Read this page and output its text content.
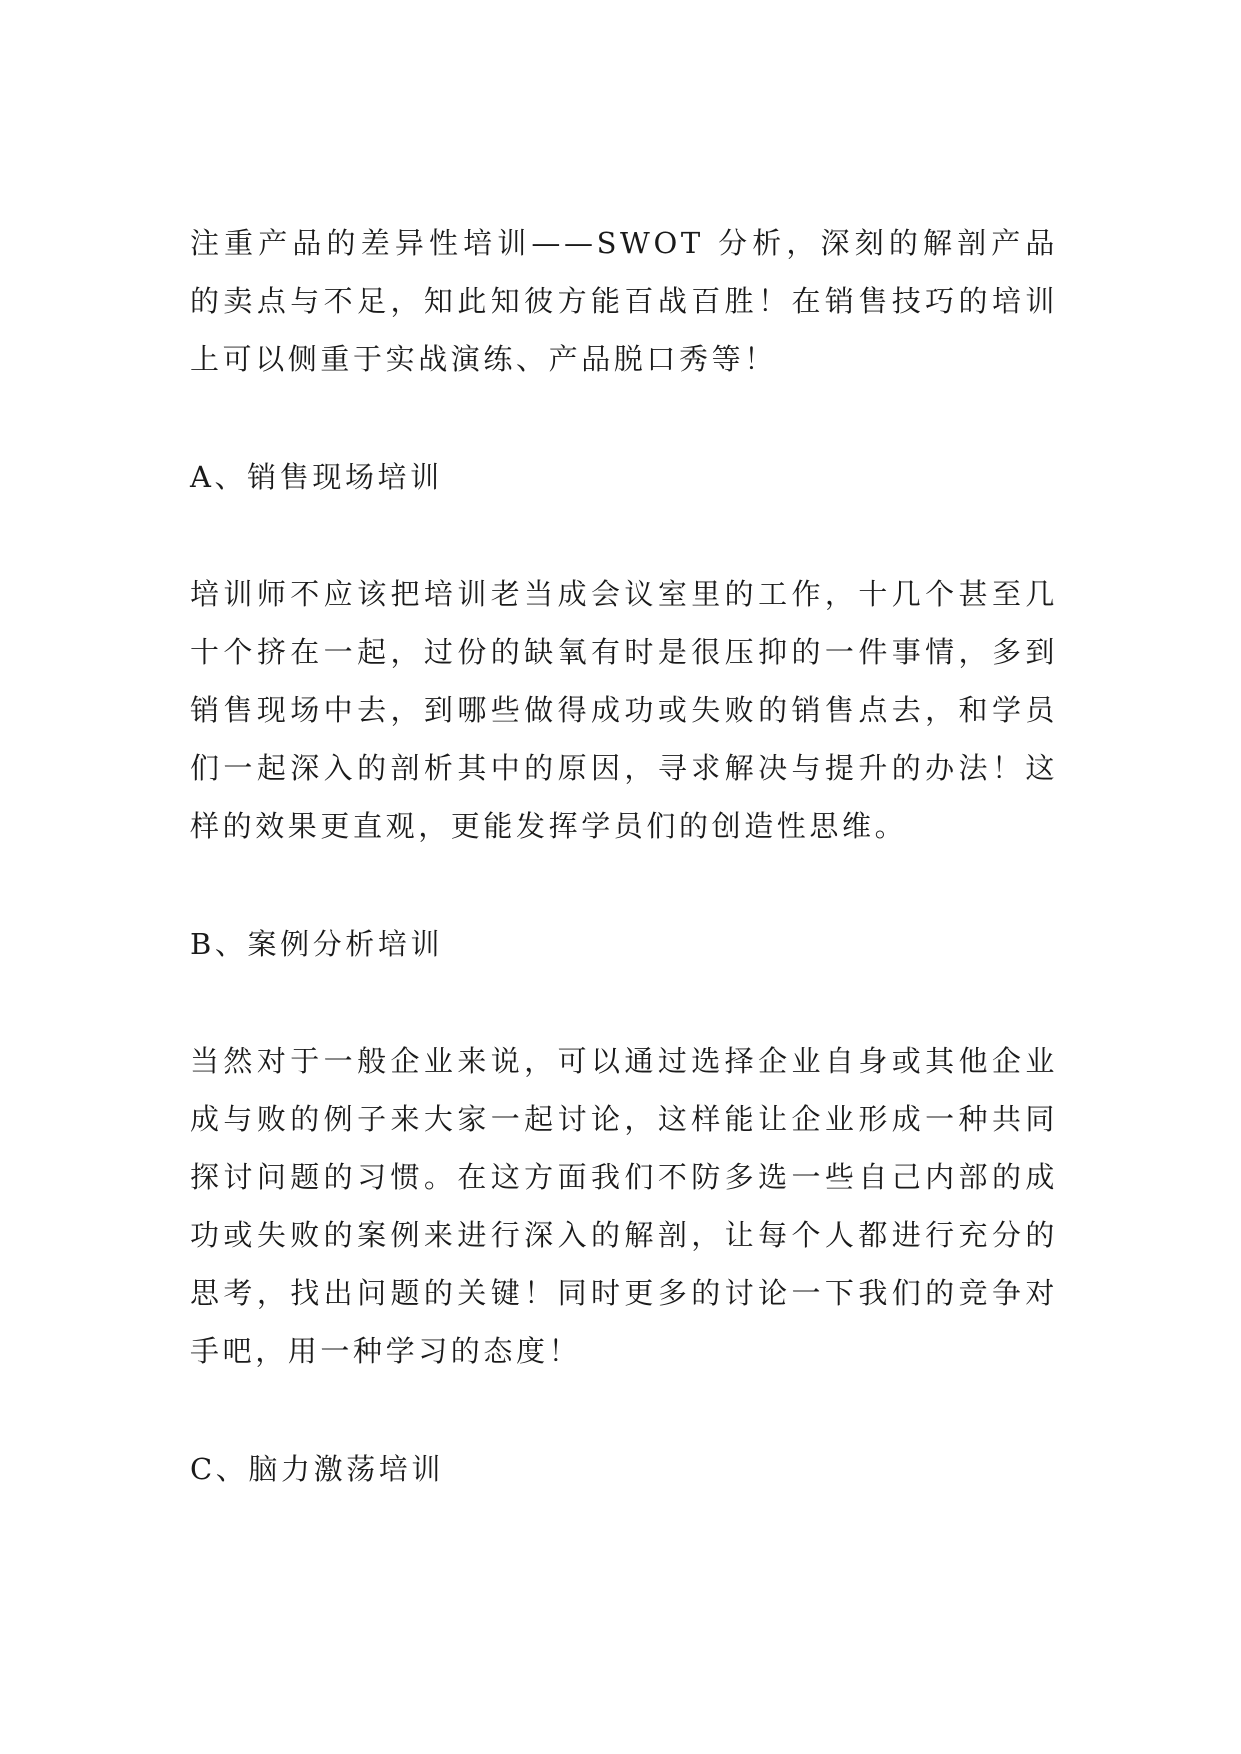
注重产品的差异性培训——SWOT 分析，深刻的解剖产品的卖点与不足，知此知彼方能百战百胜！在销售技巧的培训上可以侧重于实战演练、产品脱口秀等！

A、销售现场培训

培训师不应该把培训老当成会议室里的工作，十几个甚至几十个挤在一起，过份的缺氧有时是很压抑的一件事情，多到销售现场中去，到哪些做得成功或失败的销售点去，和学员们一起深入的剖析其中的原因，寻求解决与提升的办法！这样的效果更直观，更能发挥学员们的创造性思维。

B、案例分析培训

当然对于一般企业来说，可以通过选择企业自身或其他企业成与败的例子来大家一起讨论，这样能让企业形成一种共同探讨问题的习惯。在这方面我们不防多选一些自己内部的成功或失败的案例来进行深入的解剖，让每个人都进行充分的思考，找出问题的关键！同时更多的讨论一下我们的竞争对手吧，用一种学习的态度！

C、脑力激荡培训
